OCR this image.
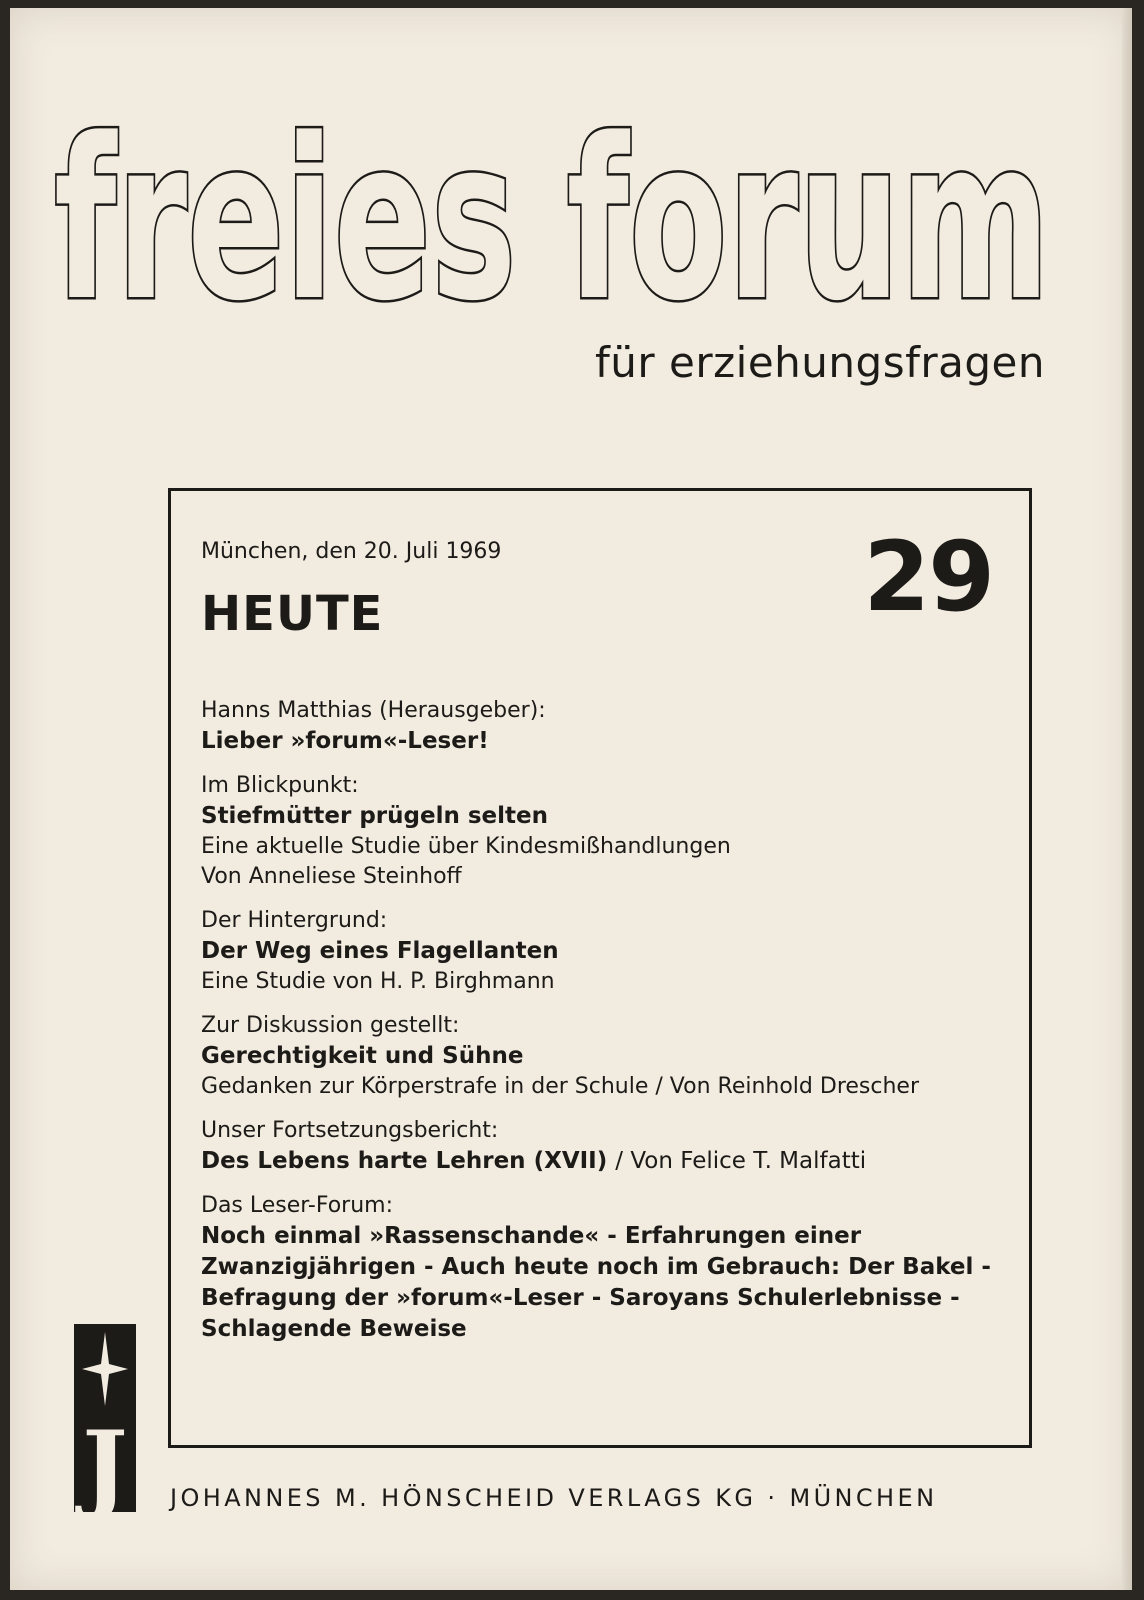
freies forum
für erziehungsfragen
München, den 20. Juli 1969	29
HEUTE
Hanns Matthias (Herausgeber):
Lieber »forum«-Leser!
Im Blickpunkt:
Stiefmütter prügeln selten
Eine aktuelle Studie über Kindesmißhandlungen
Von Anneliese Steinhoff
Der Hintergrund:
Der Weg eines Flagellanten
Eine Studie von H. P. Birghmann
Zur Diskussion gestellt:
Gerechtigkeit und Sühne
Gedanken zur Körperstrafe in der Schule / Von Reinhold Drescher
Unser Fortsetzungsbericht:
Des Lebens harte Lehren (XVII) / Von Felice T. Malfatti
Das Leser-Forum:
Noch einmal »Rassenschande« - Erfahrungen einer Zwanzigjährigen - Auch heute noch im Gebrauch: Der Bakel - Befragung der »forum«-Leser - Saroyans Schulerlebnisse - Schlagende Beweise
J JOHANNES M. HÖNSCHEID VERLAGS KG · MÜNCHEN
